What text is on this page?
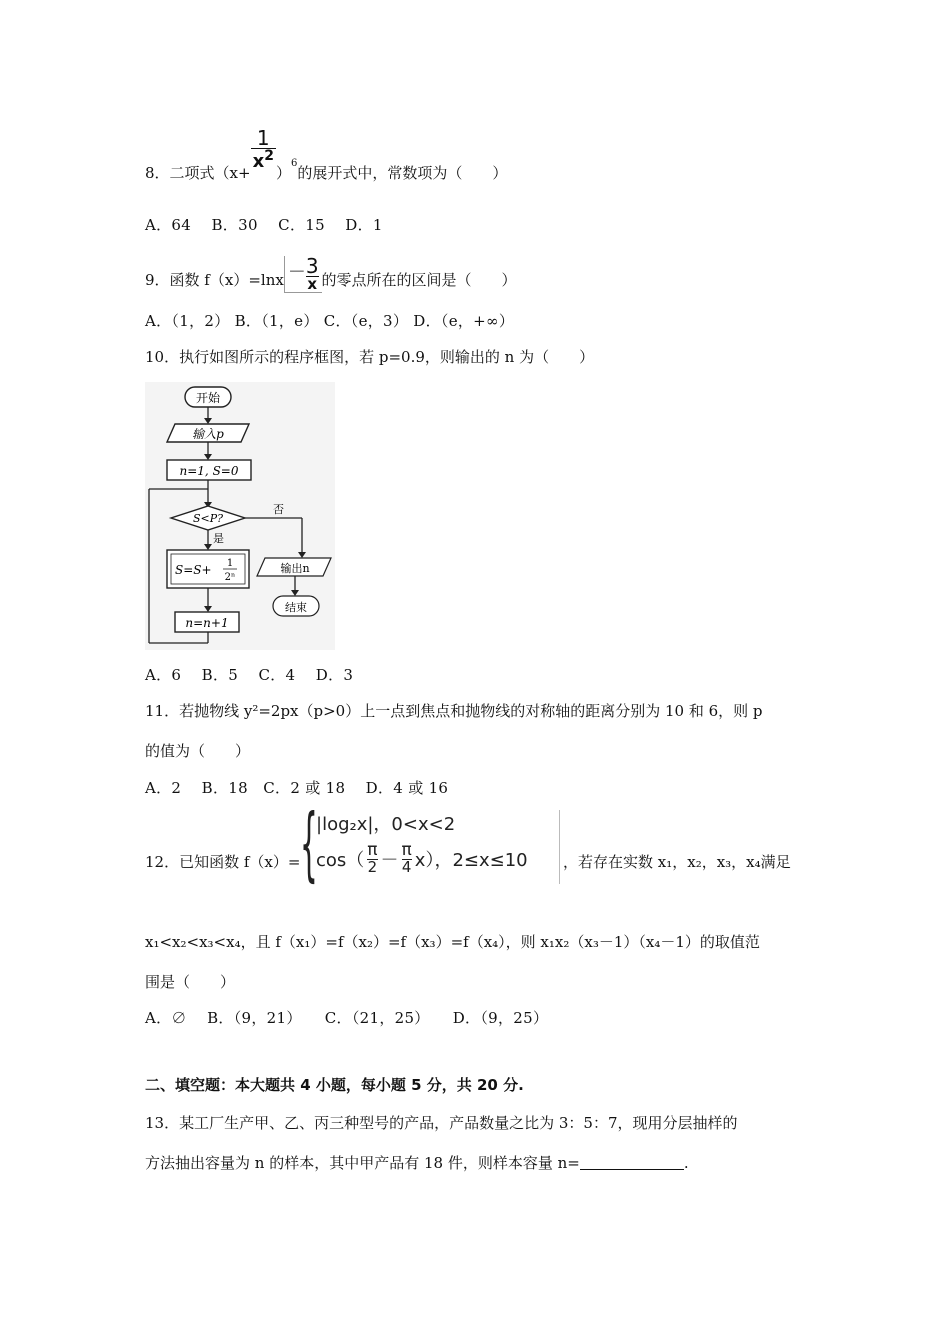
8．二项式（x+
$\frac{1}{x^2}$
）$^6$的展开式中，常数项为（　　）
A．64　 B．30　 C．15　 D．1
9．函数 $f(x)=\ln x - \frac{3}{x}$ 的零点所在的区间是（　　）
A．（1，2） B．（1，e） C．（e，3） D．（e，+∞）
10．执行如图所示的程序框图，若 p=0.9，则输出的 n 为（　　）
开始
输入p
n=1, S=0
S<P?
否
是
S=S+ 1
2ⁿ
n=n+1
输出n
结束
A．6　 B．5　 C．4　 D．3
11．若抛物线 y²=2px（p>0）上一点到焦点和抛物线的对称轴的距离分别为 10 和 6，则 p
的值为（　　）
A．2　 B．18　C．2 或 18　 D．4 或 16
12．已知函数 f（x）= {
|log₂x|，0<x<2
$\cos( \frac{\pi}{2} - \frac{\pi}{4} x)$，2≤x≤10 ，若存在实数 x₁，x₂，x₃，x₄满足
x₁<x₂<x₃<x₄，且 f（x₁）=f（x₂）=f（x₃）=f（x₄），则 x₁x₂（x₃－1）（x₄－1）的取值范
围是（　　）
A．∅　 B．（9，21）　　C．（21，25）　　D．（9，25）
二、填空题：本大题共 4 小题，每小题 5 分，共 20 分.
13．某工厂生产甲、乙、丙三种型号的产品，产品数量之比为 3：5：7，现用分层抽样的
方法抽出容量为 n 的样本，其中甲产品有 18 件，则样本容量 n=	.
